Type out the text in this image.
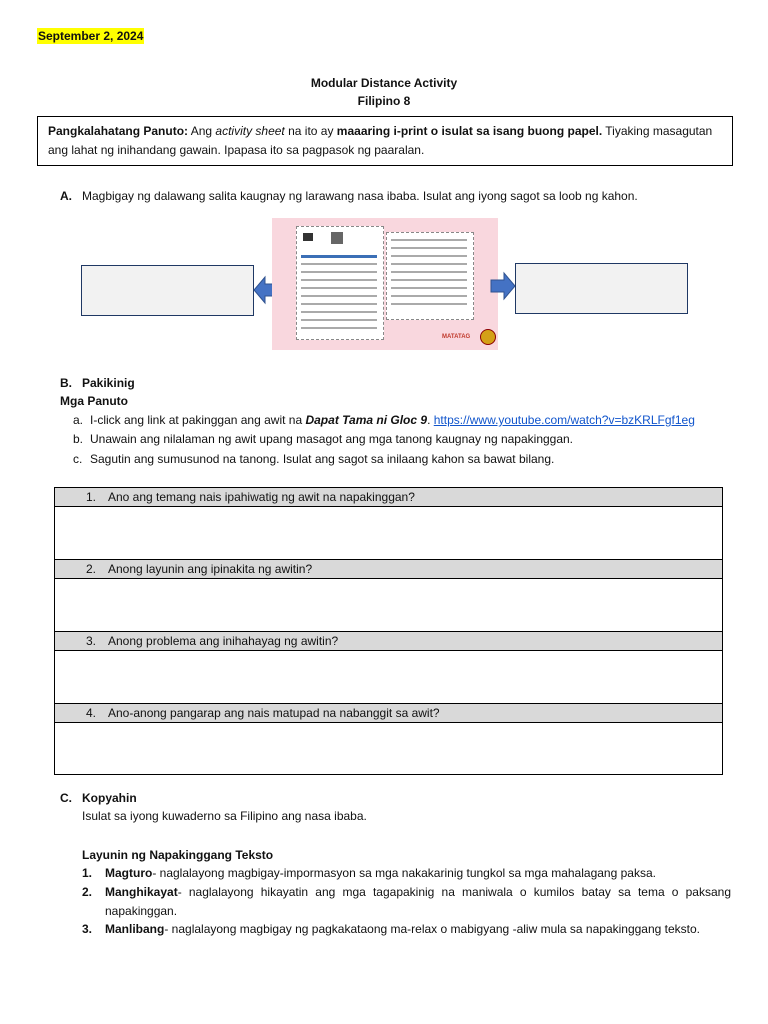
September 2, 2024
Modular Distance Activity
Filipino 8
Pangkalahatang Panuto: Ang activity sheet na ito ay maaaring i-print o isulat sa isang buong papel. Tiyaking masagutan ang lahat ng inihandang gawain. Ipapasa ito sa pagpasok ng paaralan.
A. Magbigay ng dalawang salita kaugnay ng larawang nasa ibaba. Isulat ang iyong sagot sa loob ng kahon.
MATATAG
B. Pakikinig
Mga Panuto
a. I-click ang link at pakinggan ang awit na Dapat Tama ni Gloc 9. https://www.youtube.com/watch?v=bzKRLFgf1eg
b. Unawain ang nilalaman ng awit upang masagot ang mga tanong kaugnay ng napakinggan.
c. Sagutin ang sumusunod na tanong. Isulat ang sagot sa inilaang kahon sa bawat bilang.
1.	Ano ang temang nais ipahiwatig ng awit na napakinggan?
2.	Anong layunin ang ipinakita ng awitin?
3.	Anong problema ang inihahayag ng awitin?
4.	Ano-anong pangarap ang nais matupad na nabanggit sa awit?
C. Kopyahin
Isulat sa iyong kuwaderno sa Filipino ang nasa ibaba.
Layunin ng Napakinggang Teksto
1. Magturo- naglalayong magbigay-impormasyon sa mga nakakarinig tungkol sa mga mahalagang paksa.
2. Manghikayat- naglalayong hikayatin ang mga tagapakinig na maniwala o kumilos batay sa tema o paksang
napakinggan.
3. Manlibang- naglalayong magbigay ng pagkakataong ma-relax o mabigyang -aliw mula sa napakinggang teksto.
